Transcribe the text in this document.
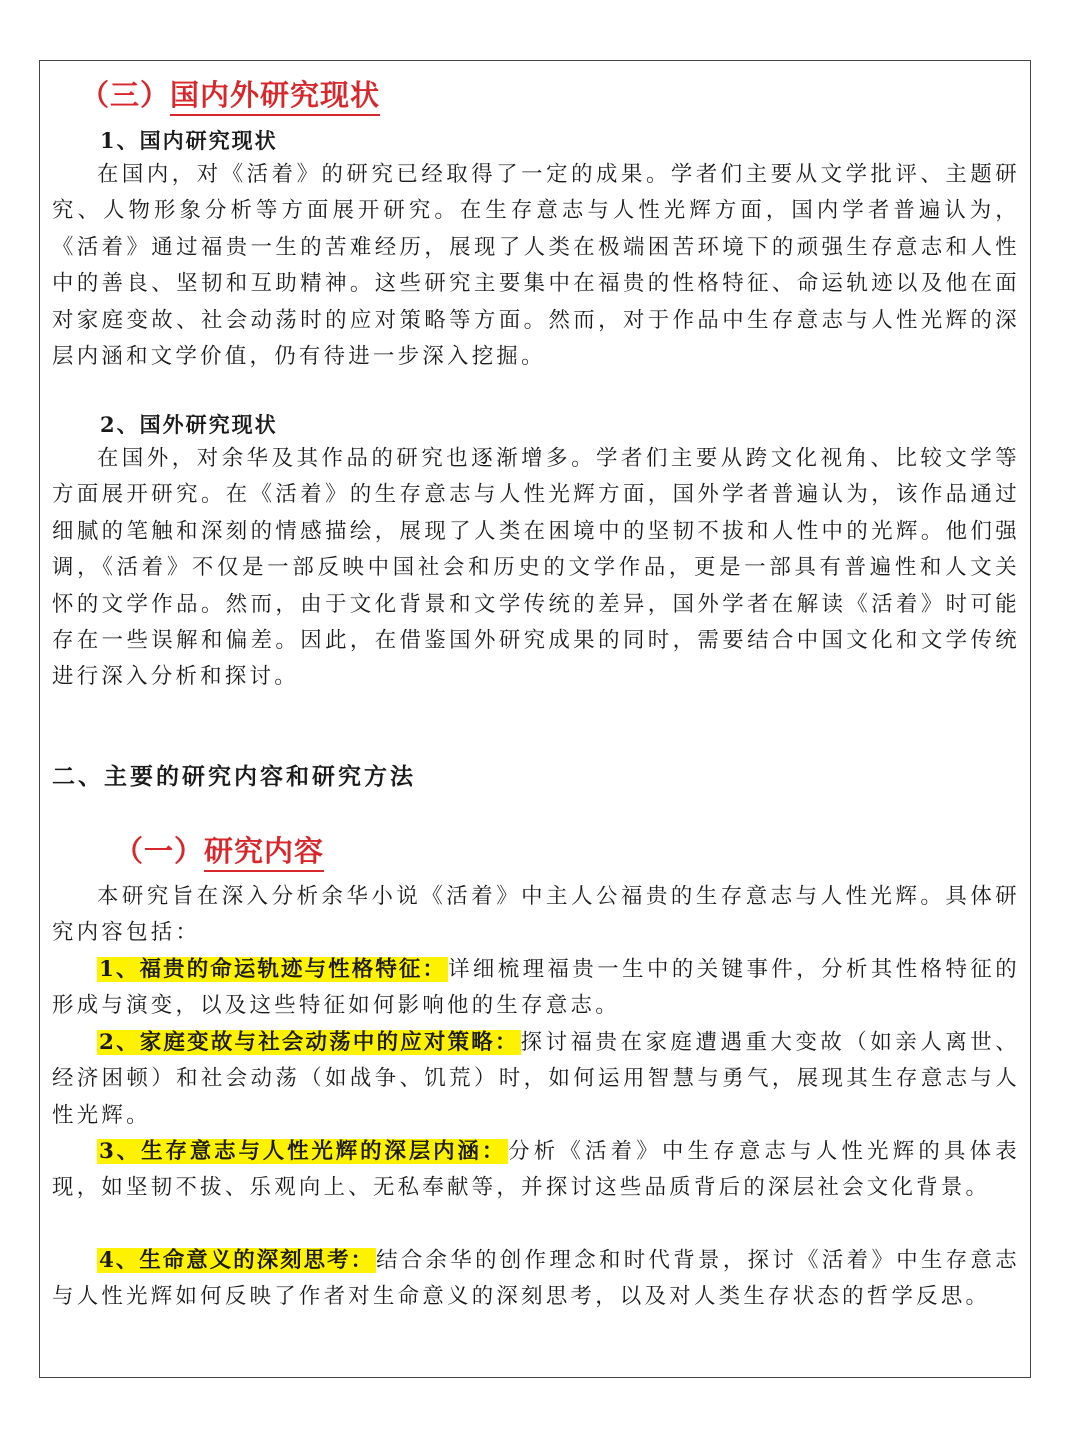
（三）国内外研究现状
1、国内研究现状

在国内，对《活着》的研究已经取得了一定的成果。学者们主要从文学批评、主题研究、人物形象分析等方面展开研究。在生存意志与人性光辉方面，国内学者普遍认为，《活着》通过福贵一生的苦难经历，展现了人类在极端困苦环境下的顽强生存意志和人性中的善良、坚韧和互助精神。这些研究主要集中在福贵的性格特征、命运轨迹以及他在面对家庭变故、社会动荡时的应对策略等方面。然而，对于作品中生存意志与人性光辉的深层内涵和文学价值，仍有待进一步深入挖掘。

2、国外研究现状

在国外，对余华及其作品的研究也逐渐增多。学者们主要从跨文化视角、比较文学等方面展开研究。在《活着》的生存意志与人性光辉方面，国外学者普遍认为，该作品通过细腻的笔触和深刻的情感描绘，展现了人类在困境中的坚韧不拔和人性中的光辉。他们强调，《活着》不仅是一部反映中国社会和历史的文学作品，更是一部具有普遍性和人文关怀的文学作品。然而，由于文化背景和文学传统的差异，国外学者在解读《活着》时可能存在一些误解和偏差。因此，在借鉴国外研究成果的同时，需要结合中国文化和文学传统进行深入分析和探讨。

二、主要的研究内容和研究方法
（一）研究内容

本研究旨在深入分析余华小说《活着》中主人公福贵的生存意志与人性光辉。具体研究内容包括：

1、福贵的命运轨迹与性格特征：详细梳理福贵一生中的关键事件，分析其性格特征的形成与演变，以及这些特征如何影响他的生存意志。

2、家庭变故与社会动荡中的应对策略：探讨福贵在家庭遭遇重大变故（如亲人离世、经济困顿）和社会动荡（如战争、饥荒）时，如何运用智慧与勇气，展现其生存意志与人性光辉。

3、生存意志与人性光辉的深层内涵：分析《活着》中生存意志与人性光辉的具体表现，如坚韧不拔、乐观向上、无私奉献等，并探讨这些品质背后的深层社会文化背景。

4、生命意义的深刻思考：结合余华的创作理念和时代背景，探讨《活着》中生存意志与人性光辉如何反映了作者对生命意义的深刻思考，以及对人类生存状态的哲学反思。
